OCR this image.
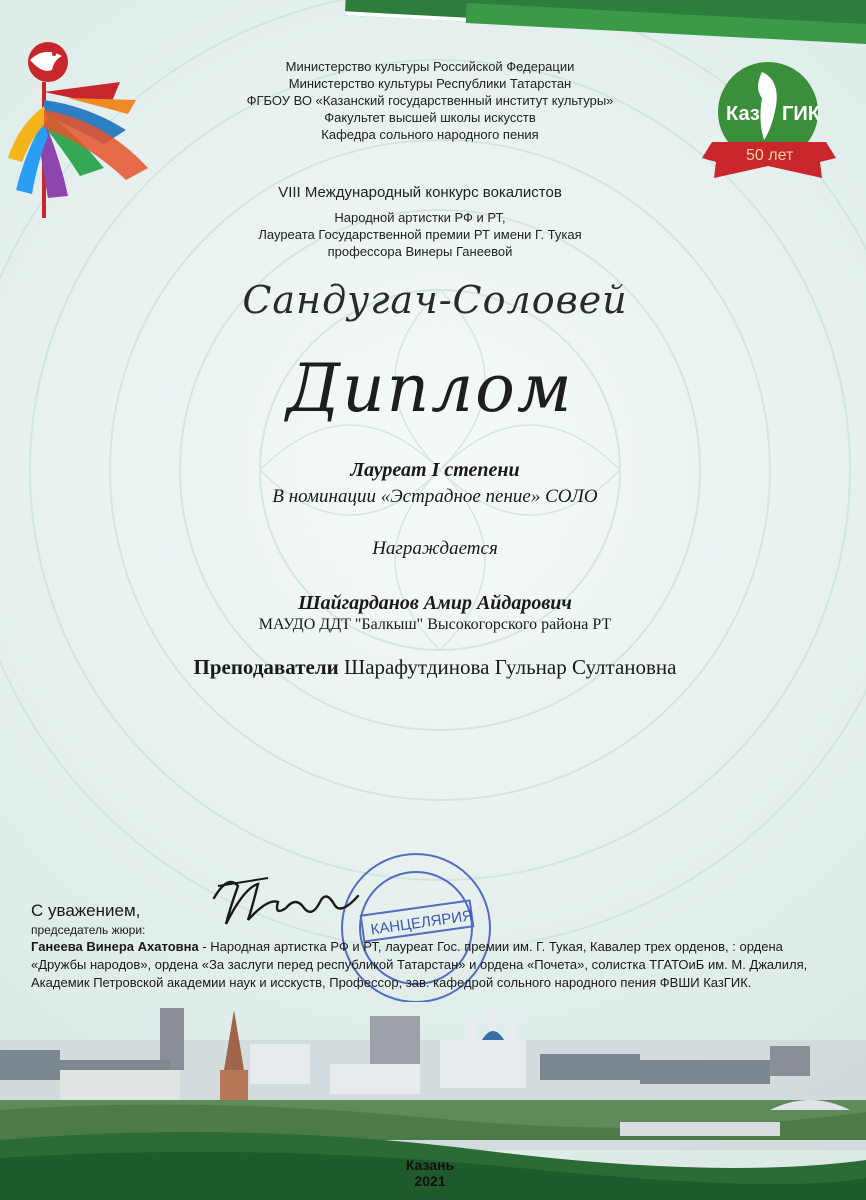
Каз ГИК
50 лет
Министерство культуры Российской Федерации
Министерство культуры Республики Татарстан
ФГБОУ ВО «Казанский государственный институт культуры»
Факультет высшей школы искусств
Кафедра сольного народного пения
VIII Международный конкурс вокалистов
Народной артистки РФ и РТ,
Лауреата Государственной премии РТ имени Г. Тукая
профессора Винеры Ганеевой
Сандугач-Соловей
Диплом
Лауреат I степени
В номинации «Эстрадное пение» СОЛО
Награждается
Шайгарданов Амир Айдарович
МАУДО ДДТ "Балкыш" Высокогорского района РТ
Преподаватели Шарафутдинова Гульнар Султановна
КАНЦЕЛЯРИЯ
С уважением,
председатель жюри:
Ганеева Винера Ахатовна - Народная артистка РФ и РТ, лауреат Гос. премии им. Г. Тукая, Кавалер трех орденов, : ордена «Дружбы народов», ордена «За заслуги перед республикой Татарстан» и ордена «Почета», солистка ТГАТОиБ им. М. Джалиля, Академик Петровской академии наук и исскуств, Профессор, зав. кафедрой сольного народного пения ФВШИ КазГИК.
Казань
2021
